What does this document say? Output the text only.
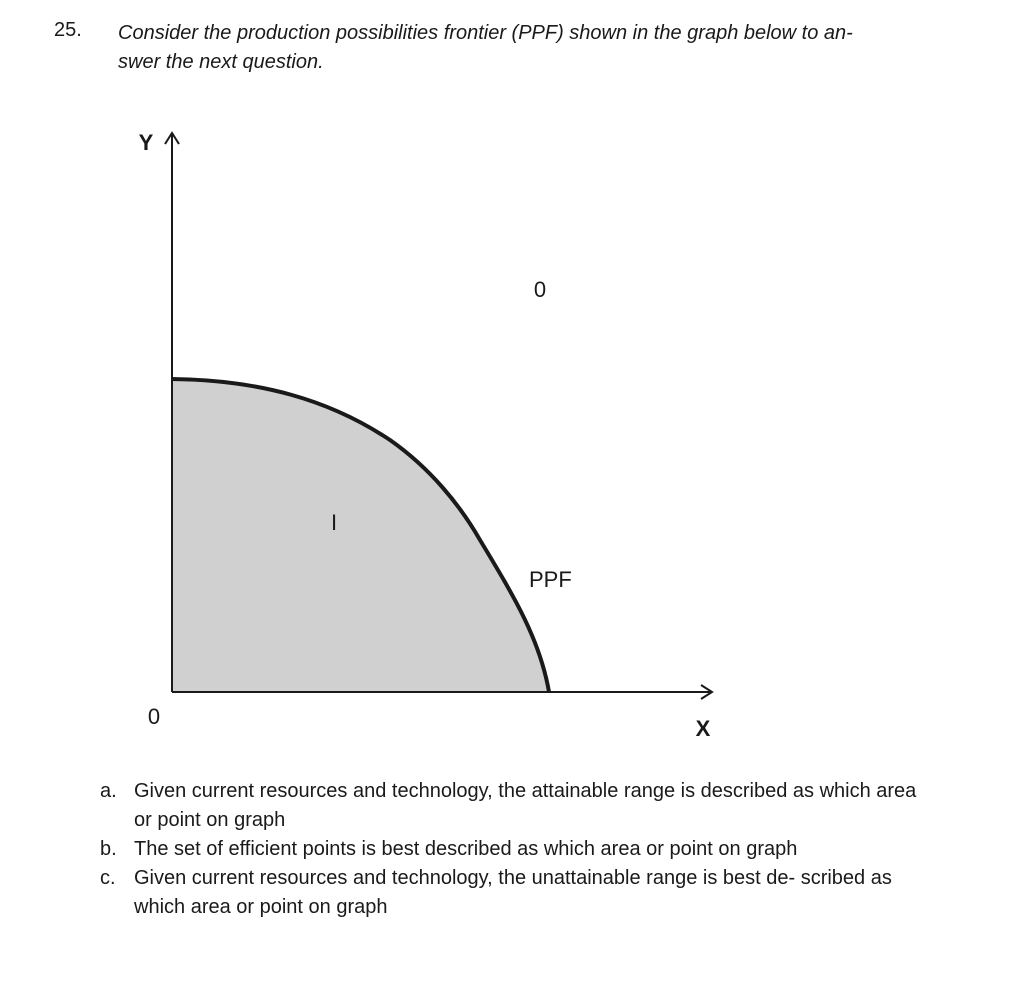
25. Consider the production possibilities frontier (PPF) shown in the graph below to an-
swer the next question.
Y
X
0
0
I
PPF
a. Given current resources and technology, the attainable range is described as which area or point on graph
b. The set of efficient points is best described as which area or point on graph
c. Given current resources and technology, the unattainable range is best de- scribed as which area or point on graph
